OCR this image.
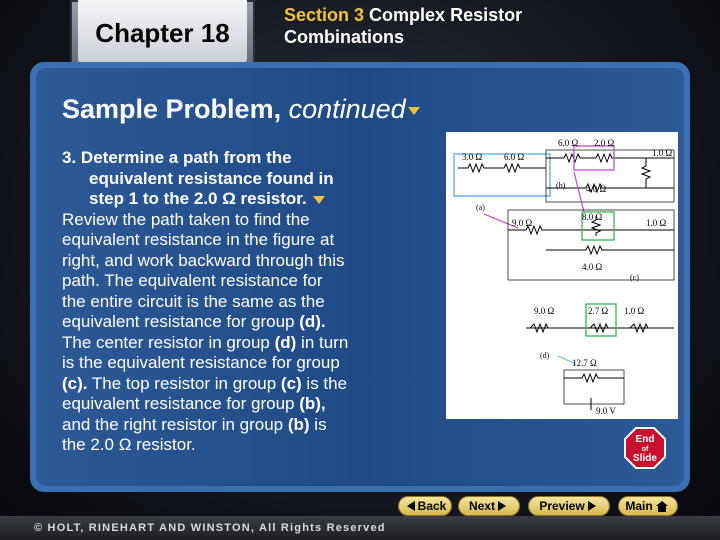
Chapter 18
Section 3 Complex Resistor
Combinations
Sample Problem, continued
3. Determine a path from the
equivalent resistance found in
step 1 to the 2.0 Ω resistor.
Review the path taken to find the
equivalent resistance in the figure at
right, and work backward through this
path. The equivalent resistance for
the entire circuit is the same as the
equivalent resistance for group (d).
The center resistor in group (d) in turn
is the equivalent resistance for group
(c). The top resistor in group (c) is the
equivalent resistance for group (b),
and the right resistor in group (b) is
the 2.0 Ω resistor.
3.0 Ω 6.0 Ω
(a)
6.0 Ω 2.0 Ω
1.0 Ω
4.0 Ω
(b)
8.0 Ω
9.0 Ω	1.0 Ω
4.0 Ω
(c)
9.0 Ω	2.7 Ω 1.0 Ω
(d)
12.7 Ω
9.0 V
End
of
Slide
© HOLT, RINEHART AND WINSTON, All Rights Reserved
Back Next	Preview	Main
